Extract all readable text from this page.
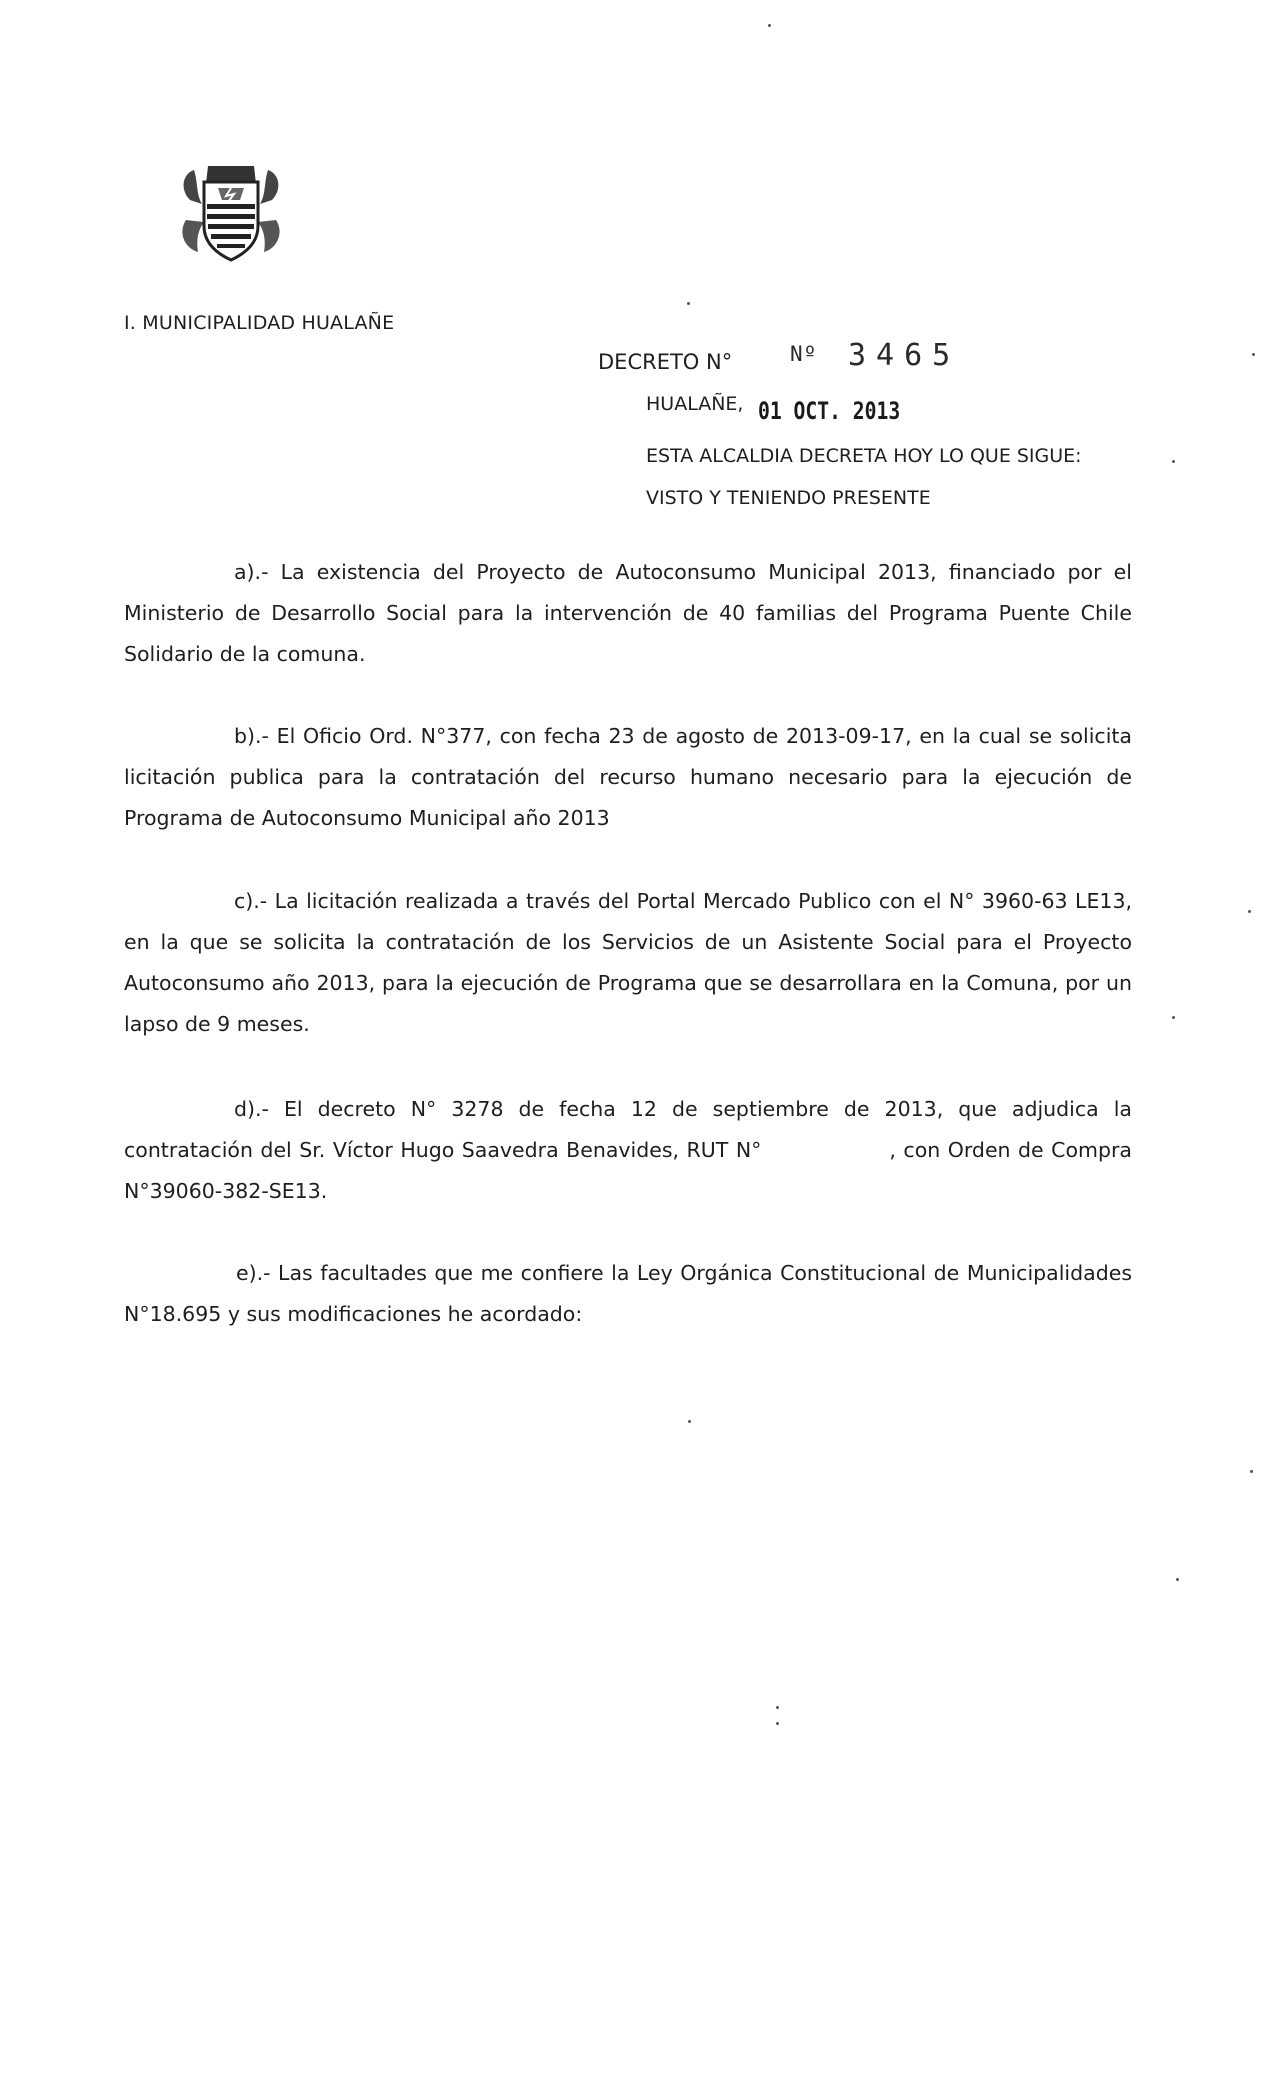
I. MUNICIPALIDAD HUALAÑE
DECRETO N°	Nº 3465
HUALAÑE, 01 OCT. 2013
ESTA ALCALDIA DECRETA HOY LO QUE SIGUE:
VISTO Y TENIENDO PRESENTE

a).- La existencia del Proyecto de Autoconsumo Municipal 2013, financiado por el Ministerio de Desarrollo Social para la intervención de 40 familias del Programa Puente Chile Solidario de la comuna.

b).- El Oficio Ord. N°377, con fecha 23 de agosto de 2013-09-17, en la cual se solicita licitación publica para la contratación del recurso humano necesario para la ejecución de Programa de Autoconsumo Municipal año 2013

c).- La licitación realizada a través del Portal Mercado Publico con el N° 3960-63 LE13, en la que se solicita la contratación de los Servicios de un Asistente Social para el Proyecto Autoconsumo año 2013, para la ejecución de Programa que se desarrollara en la Comuna, por un lapso de 9 meses.

d).- El decreto N° 3278 de fecha 12 de septiembre de 2013, que adjudica la contratación del Sr. Víctor Hugo Saavedra Benavides, RUT N°	, con Orden de Compra N°39060-382-SE13.

e).- Las facultades que me confiere la Ley Orgánica Constitucional de Municipalidades N°18.695 y sus modificaciones he acordado:
